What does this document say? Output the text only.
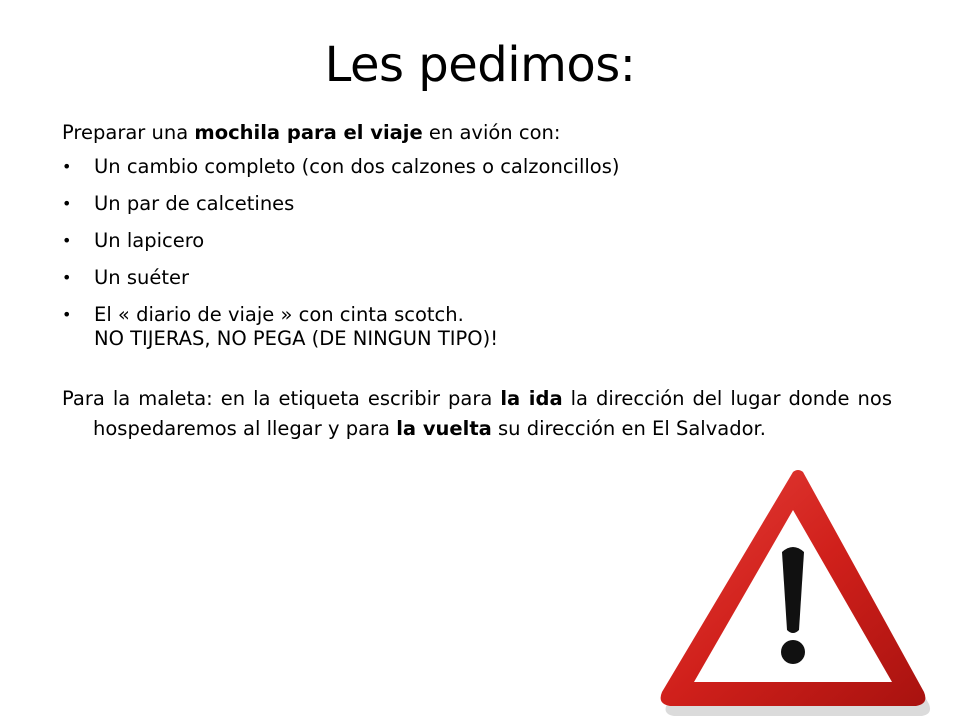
Les pedimos:
Preparar una mochila para el viaje en avión con:
• Un cambio completo (con dos calzones o calzoncillos)
• Un par de calcetines
• Un lapicero
• Un suéter
• El « diario de viaje » con cinta scotch.
NO TIJERAS, NO PEGA (DE NINGUN TIPO)!
Para la maleta: en la etiqueta escribir para la ida la dirección del lugar donde nos hospedaremos al llegar y para la vuelta su dirección en El Salvador.
